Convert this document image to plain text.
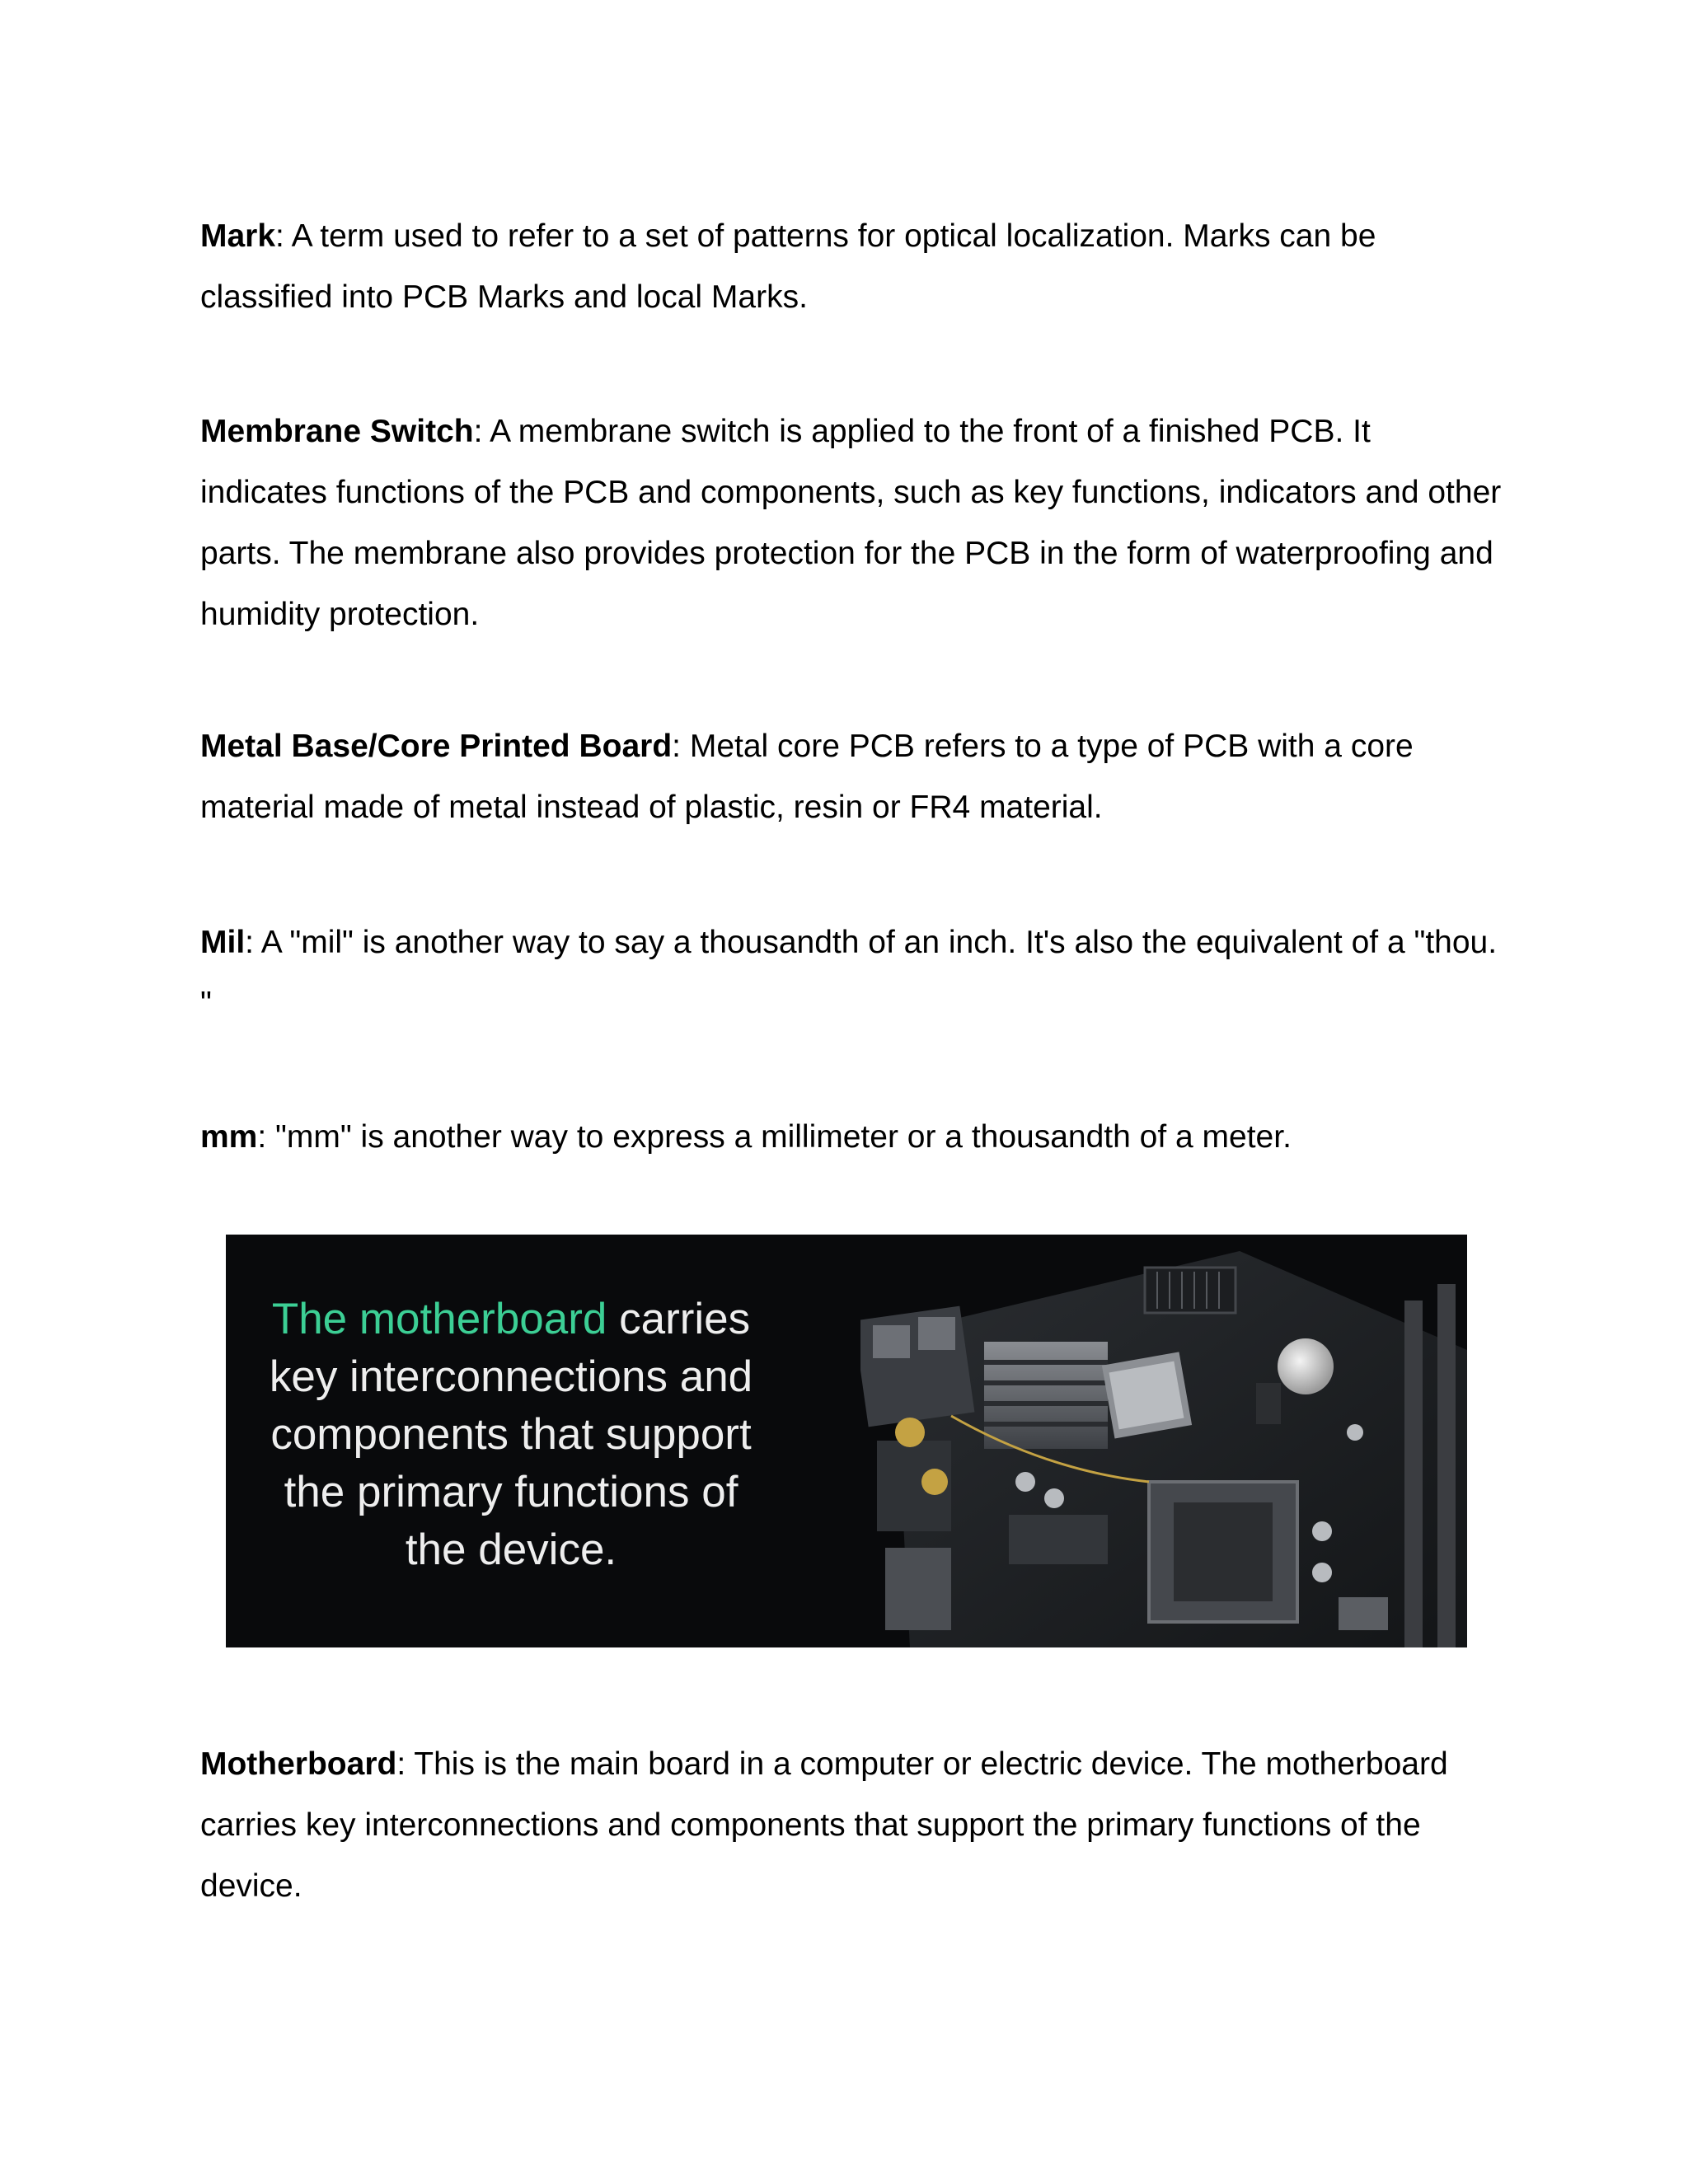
Mark: A term used to refer to a set of patterns for optical localization. Marks can be classified into PCB Marks and local Marks.

Membrane Switch: A membrane switch is applied to the front of a finished PCB. It indicates functions of the PCB and components, such as key functions, indicators and other parts. The membrane also provides protection for the PCB in the form of waterproofing and humidity protection.

Metal Base/Core Printed Board: Metal core PCB refers to a type of PCB with a core material made of metal instead of plastic, resin or FR4 material.

Mil: A "mil" is another way to say a thousandth of an inch. It's also the equivalent of a "thou. "

mm: "mm" is another way to express a millimeter or a thousandth of a meter.

The motherboard carries key interconnections and components that support the primary functions of the device.

Motherboard: This is the main board in a computer or electric device. The motherboard carries key interconnections and components that support the primary functions of the device.
